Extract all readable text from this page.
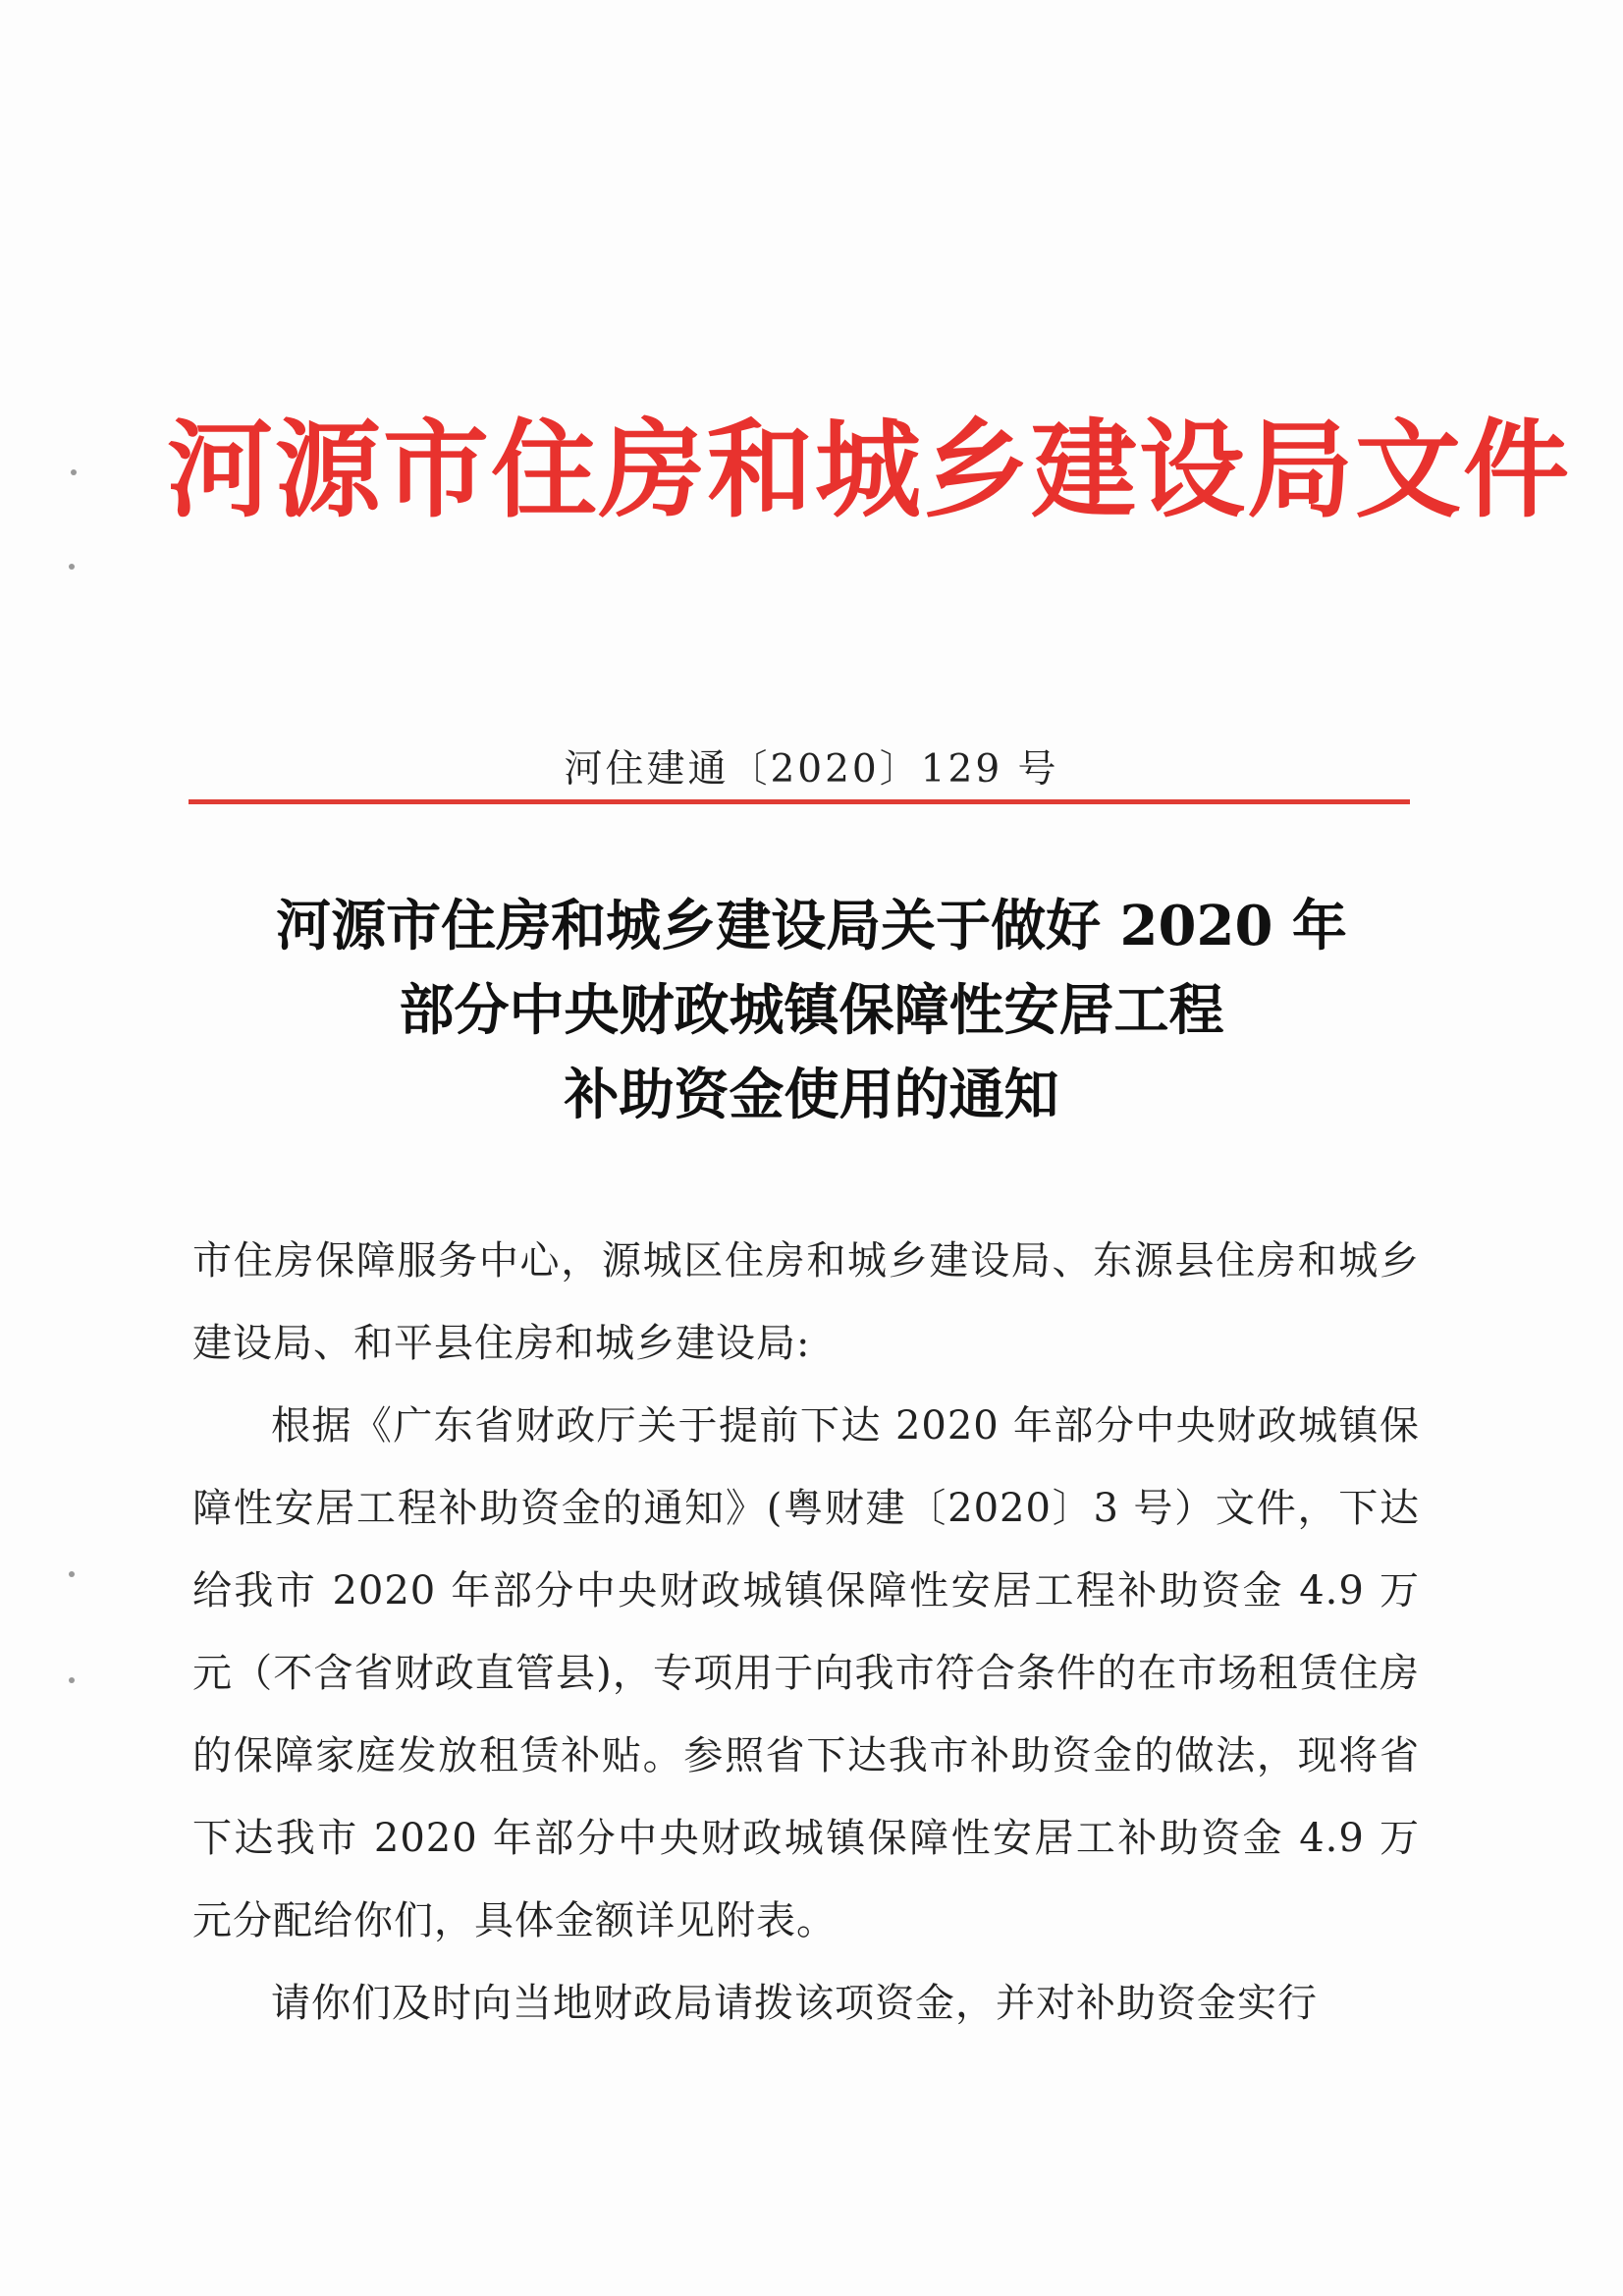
河源市住房和城乡建设局文件
河住建通〔2020〕129 号
河源市住房和城乡建设局关于做好 2020 年
部分中央财政城镇保障性安居工程
补助资金使用的通知

市住房保障服务中心，源城区住房和城乡建设局、东源县住房和城乡建设局、和平县住房和城乡建设局:

根据《广东省财政厅关于提前下达 2020 年部分中央财政城镇保障性安居工程补助资金的通知》(粤财建〔2020〕3 号）文件，下达给我市 2020 年部分中央财政城镇保障性安居工程补助资金 4.9 万元（不含省财政直管县)，专项用于向我市符合条件的在市场租赁住房的保障家庭发放租赁补贴。参照省下达我市补助资金的做法，现将省下达我市 2020 年部分中央财政城镇保障性安居工补助资金 4.9 万元分配给你们，具体金额详见附表。

请你们及时向当地财政局请拨该项资金，并对补助资金实行
